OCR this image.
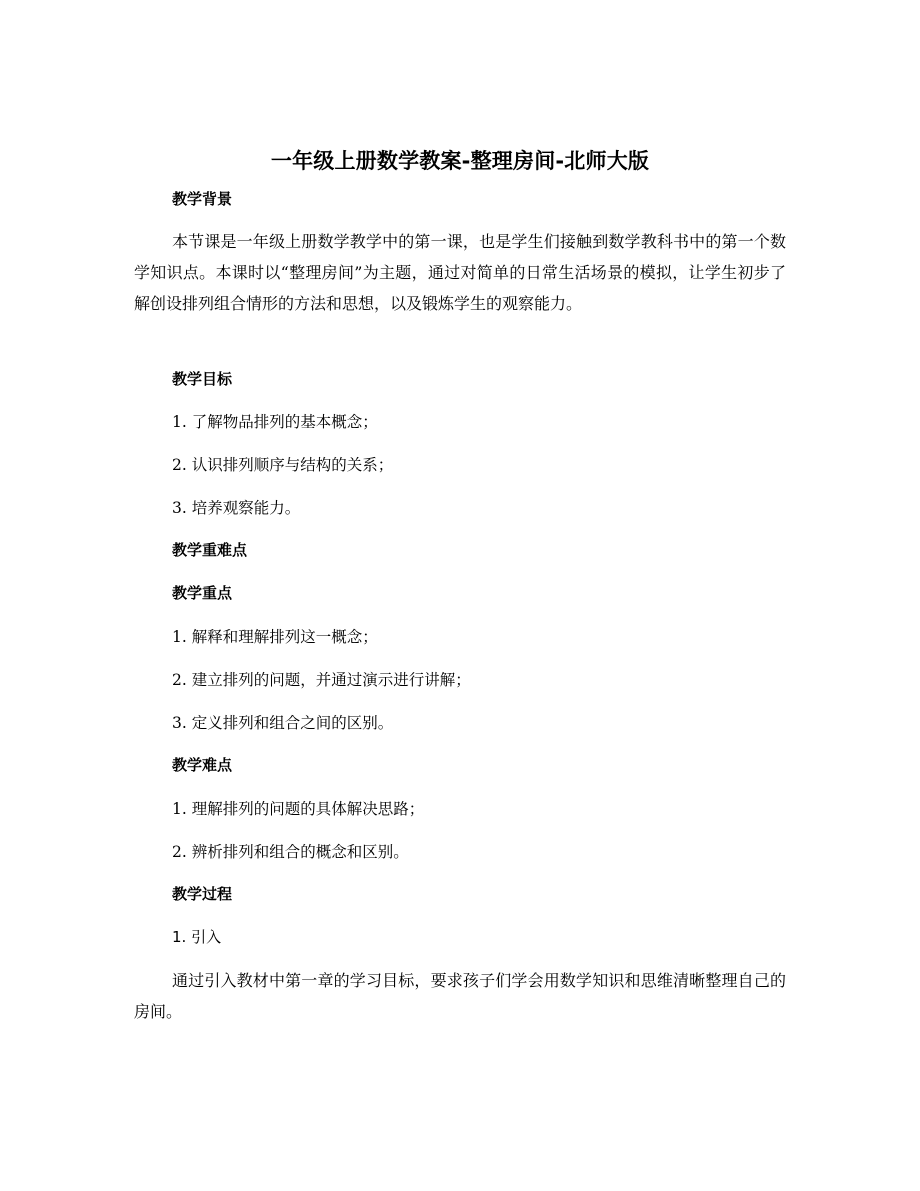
一年级上册数学教案-整理房间-北师大版
教学背景
本节课是一年级上册数学教学中的第一课，也是学生们接触到数学教科书中的第一个数学知识点。本课时以“整理房间”为主题，通过对简单的日常生活场景的模拟，让学生初步了解创设排列组合情形的方法和思想，以及锻炼学生的观察能力。
教学目标
1. 了解物品排列的基本概念；
2. 认识排列顺序与结构的关系；
3. 培养观察能力。
教学重难点
教学重点
1. 解释和理解排列这一概念；
2. 建立排列的问题，并通过演示进行讲解；
3. 定义排列和组合之间的区别。
教学难点
1. 理解排列的问题的具体解决思路；
2. 辨析排列和组合的概念和区别。
教学过程
1. 引入
通过引入教材中第一章的学习目标，要求孩子们学会用数学知识和思维清晰整理自己的房间。
